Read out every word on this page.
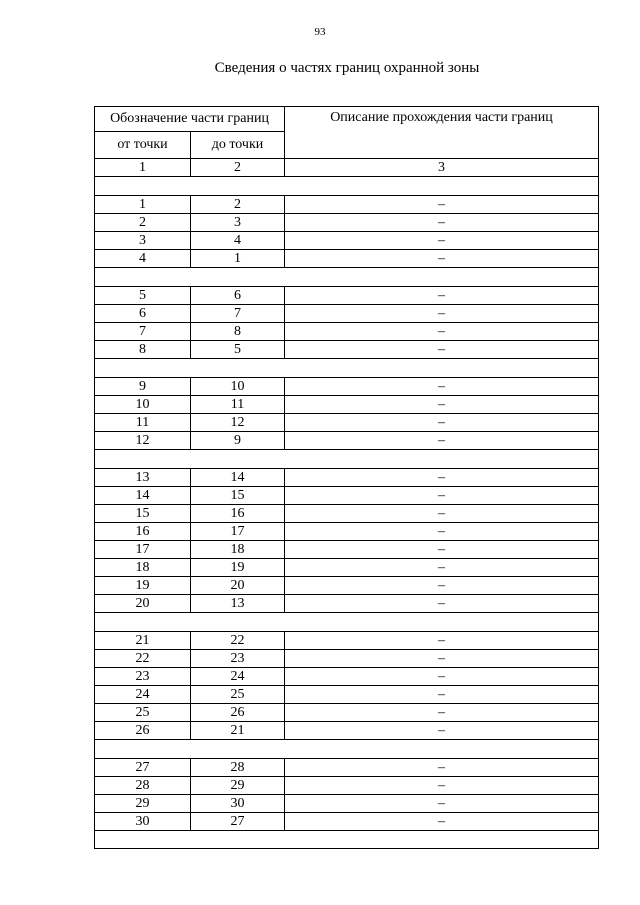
93
Сведения о частях границ охранной зоны
Обозначение части границ		Описание прохождения части границ
от точки	до точки	
1	2	3

1	2	–
2	3	–
3	4	–
4	1	–

5	6	–
6	7	–
7	8	–
8	5	–

9	10	–
10	11	–
11	12	–
12	9	–

13	14	–
14	15	–
15	16	–
16	17	–
17	18	–
18	19	–
19	20	–
20	13	–

21	22	–
22	23	–
23	24	–
24	25	–
25	26	–
26	21	–

27	28	–
28	29	–
29	30	–
30	27	–
